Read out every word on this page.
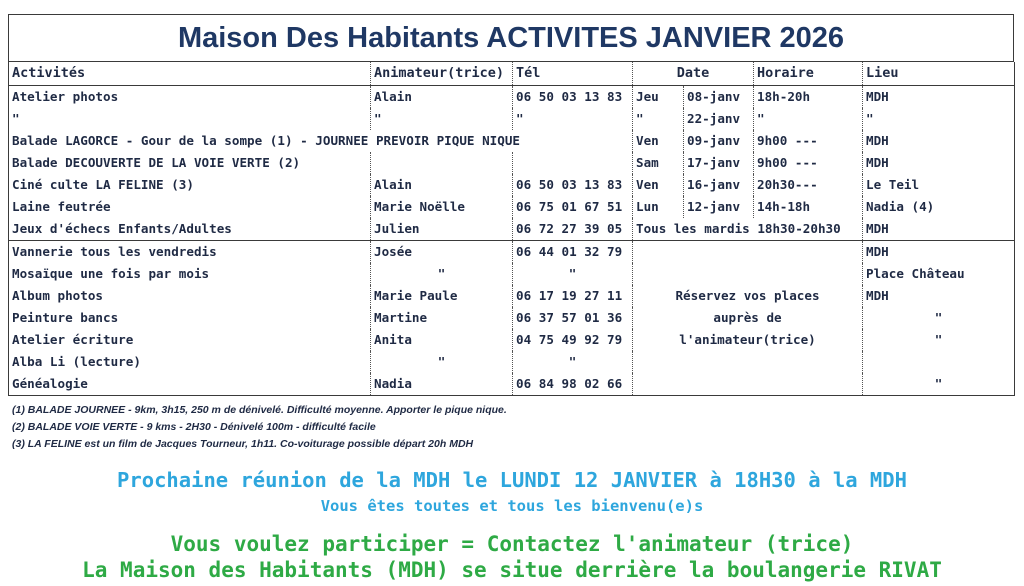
Maison Des Habitants ACTIVITES JANVIER 2026
Activités	Animateur(trice)	Tél	Date		Horaire	Lieu
Atelier photos	Alain	06 50 03 13 83	Jeu	08-janv	18h-20h	MDH
"	"	"	"	22-janv	"	"
Balade LAGORCE - Gour de la sompe (1) - JOURNEE PREVOIR PIQUE NIQUE			Ven	09-janv	9h00 ---	MDH
Balade DECOUVERTE DE LA VOIE VERTE (2)			Sam	17-janv	9h00 ---	MDH
Ciné culte LA FELINE (3)	Alain	06 50 03 13 83	Ven	16-janv	20h30---	Le Teil
Laine feutrée	Marie Noëlle	06 75 01 67 51	Lun	12-janv	14h-18h	Nadia (4)
Jeux d'échecs Enfants/Adultes	Julien	06 72 27 39 05	Tous les mardis 18h30-20h30			MDH
Vannerie tous les vendredis	Josée	06 44 01 32 79				MDH
Mosaïque une fois par mois	"	"				Place Château
Album photos	Marie Paule	06 17 19 27 11	Réservez vos places			MDH
Peinture bancs	Martine	06 37 57 01 36	auprès de			"
Atelier écriture	Anita	04 75 49 92 79	l'animateur(trice)			"
Alba Li (lecture)	"	"				
Généalogie	Nadia	06 84 98 02 66				"
(1) BALADE JOURNEE - 9km, 3h15, 250 m de dénivelé. Difficulté moyenne. Apporter le pique nique.
(2) BALADE VOIE VERTE - 9 kms - 2H30 - Dénivelé 100m - difficulté facile
(3) LA FELINE est un film de Jacques Tourneur, 1h11. Co-voiturage possible départ 20h MDH
Prochaine réunion de la MDH le LUNDI 12 JANVIER à 18H30 à la MDH
Vous êtes toutes et tous les bienvenu(e)s
Vous voulez participer = Contactez l'animateur (trice)
La Maison des Habitants (MDH) se situe derrière la boulangerie RIVAT
